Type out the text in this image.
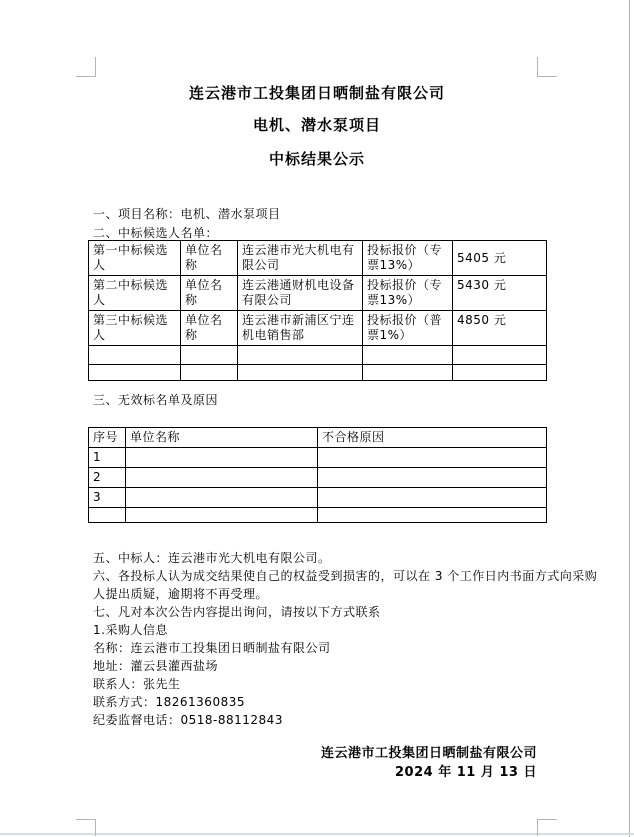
连云港市工投集团日晒制盐有限公司
电机、潜水泵项目
中标结果公示
一、项目名称：电机、潜水泵项目
二、中标候选人名单：
第一中标候选人	单位名称	连云港市光大机电有限公司	投标报价（专票13%）	5405 元
第二中标候选人	单位名称	连云港通财机电设备有限公司	投标报价（专票13%）	5430 元
第三中标候选人	单位名称	连云港市新浦区宁连机电销售部	投标报价（普票1%）	4850 元

三、无效标名单及原因
序号	单位名称	不合格原因
1		
2		
3		

五、中标人：连云港市光大机电有限公司。
六、各投标人认为成交结果使自己的权益受到损害的，可以在 3 个工作日内书面方式向采购
人提出质疑，逾期将不再受理。
七、凡对本次公告内容提出询问，请按以下方式联系
1.采购人信息
名称：连云港市工投集团日晒制盐有限公司
地址：灌云县灌西盐场
联系人：张先生
联系方式：18261360835
纪委监督电话：0518-88112843
连云港市工投集团日晒制盐有限公司
2024 年 11 月 13 日
